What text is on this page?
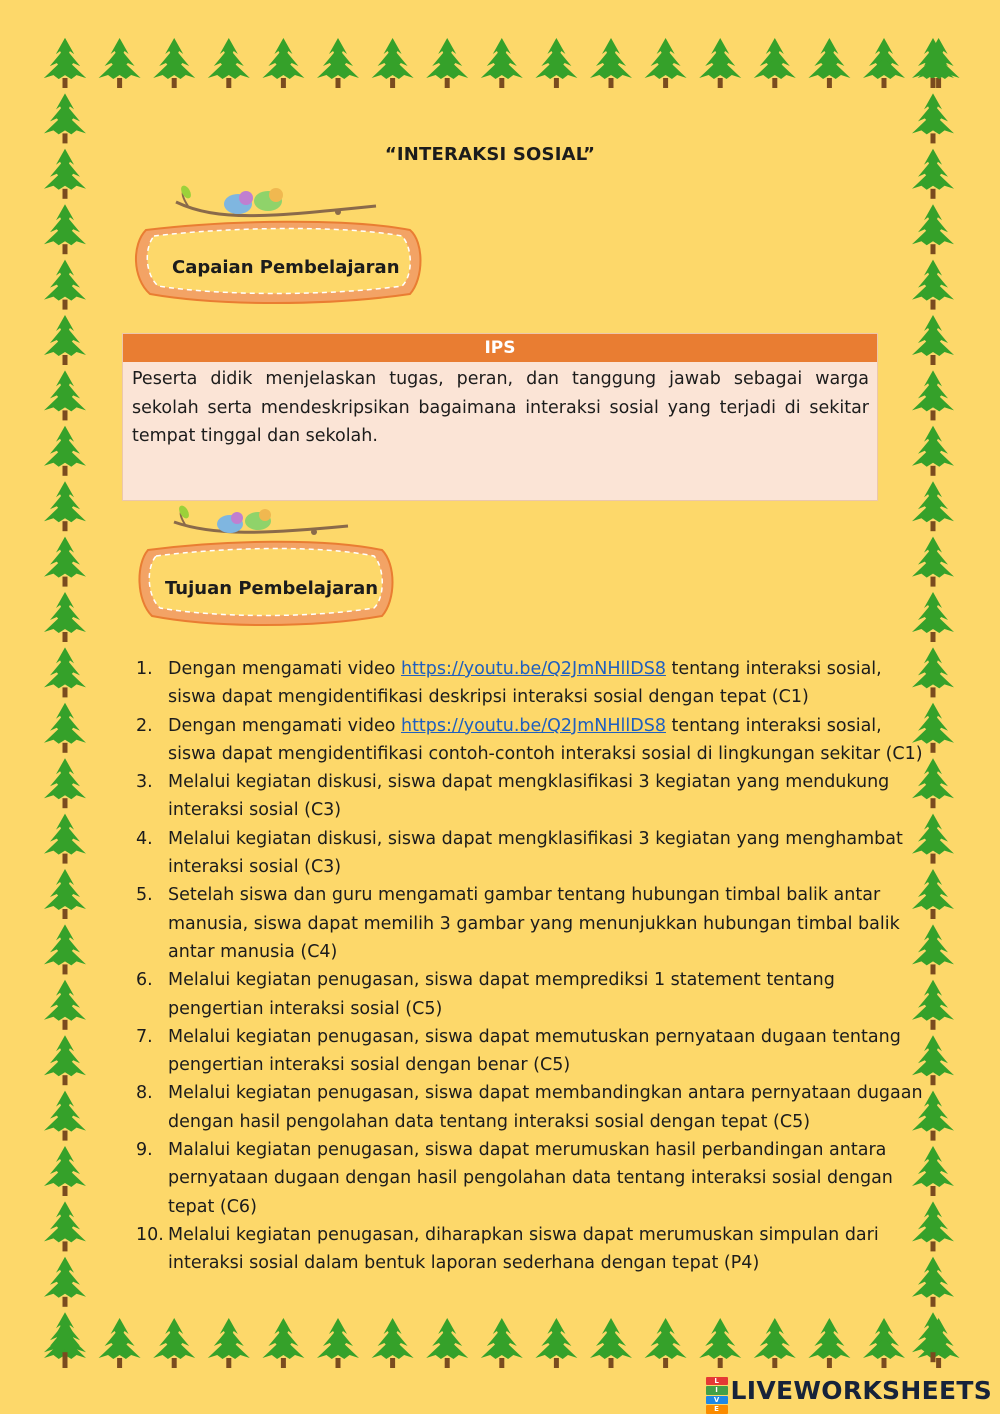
“INTERAKSI SOSIAL”
Capaian Pembelajaran
IPS
Peserta didik menjelaskan tugas, peran, dan tanggung jawab sebagai warga sekolah serta mendeskripsikan bagaimana interaksi sosial yang terjadi di sekitar tempat tinggal dan sekolah.
Tujuan Pembelajaran
1. Dengan mengamati video https://youtu.be/Q2JmNHllDS8 tentang interaksi sosial, siswa dapat mengidentifikasi deskripsi interaksi sosial dengan tepat (C1)
2. Dengan mengamati video https://youtu.be/Q2JmNHllDS8 tentang interaksi sosial, siswa dapat mengidentifikasi contoh-contoh interaksi sosial di lingkungan sekitar (C1)
3. Melalui kegiatan diskusi, siswa dapat mengklasifikasi 3 kegiatan yang mendukung interaksi sosial (C3)
4. Melalui kegiatan diskusi, siswa dapat mengklasifikasi 3 kegiatan yang menghambat interaksi sosial (C3)
5. Setelah siswa dan guru mengamati gambar tentang hubungan timbal balik antar manusia, siswa dapat memilih 3 gambar yang menunjukkan hubungan timbal balik antar manusia (C4)
6. Melalui kegiatan penugasan, siswa dapat memprediksi 1 statement tentang pengertian interaksi sosial (C5)
7. Melalui kegiatan penugasan, siswa dapat memutuskan pernyataan dugaan tentang pengertian interaksi sosial dengan benar (C5)
8. Melalui kegiatan penugasan, siswa dapat membandingkan antara pernyataan dugaan dengan hasil pengolahan data tentang interaksi sosial dengan tepat (C5)
9. Malalui kegiatan penugasan, siswa dapat merumuskan hasil perbandingan antara pernyataan dugaan dengan hasil pengolahan data tentang interaksi sosial dengan tepat (C6)
10. Melalui kegiatan penugasan, diharapkan siswa dapat merumuskan simpulan dari interaksi sosial dalam bentuk laporan sederhana dengan tepat (P4)
L
I
V
E
LIVEWORKSHEETS
